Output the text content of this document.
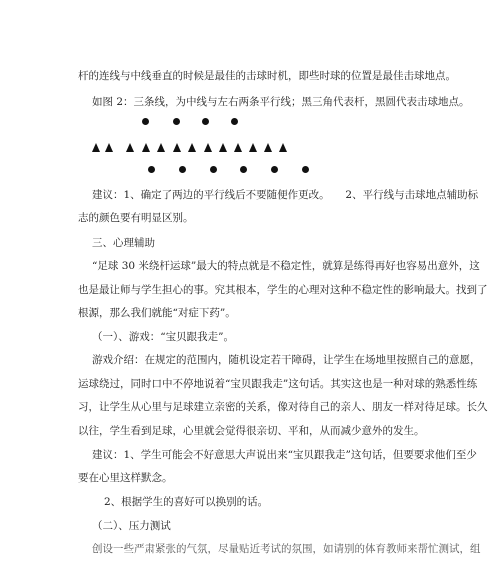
杆的连线与中线垂直的时候是最佳的击球时机，即些时球的位置是最佳击球地点。

如图 2：三条线，为中线与左右两条平行线；黑三角代表杆，黑圆代表击球地点。

建议：1、确定了两边的平行线后不要随便作更改。　　2、平行线与击球地点辅助标

志的颜色要有明显区别。

三、心理辅助

“足球 30 米绕杆运球”最大的特点就是不稳定性，就算是练得再好也容易出意外，这

也是最让师与学生担心的事。究其根本，学生的心理对这种不稳定性的影响最大。找到了

根源，那么我们就能“对症下药”。

（一）、游戏：“宝贝跟我走”。

游戏介绍：在规定的范围内，随机设定若干障碍，让学生在场地里按照自己的意愿，

运球绕过，同时口中不停地说着“宝贝跟我走”这句话。其实这也是一种对球的熟悉性练

习，让学生从心里与足球建立亲密的关系，像对待自己的亲人、朋友一样对待足球。长久

以往，学生看到足球，心里就会觉得很亲切、平和，从而减少意外的发生。

建议：1、学生可能会不好意思大声说出来“宝贝跟我走”这句话，但要要求他们至少

要在心里这样默念。

2、根据学生的喜好可以换别的话。

（二）、压力测试

创设一些严肃紧张的气氛，尽量贴近考试的氛围，如请别的体育教师来帮忙测试，组
